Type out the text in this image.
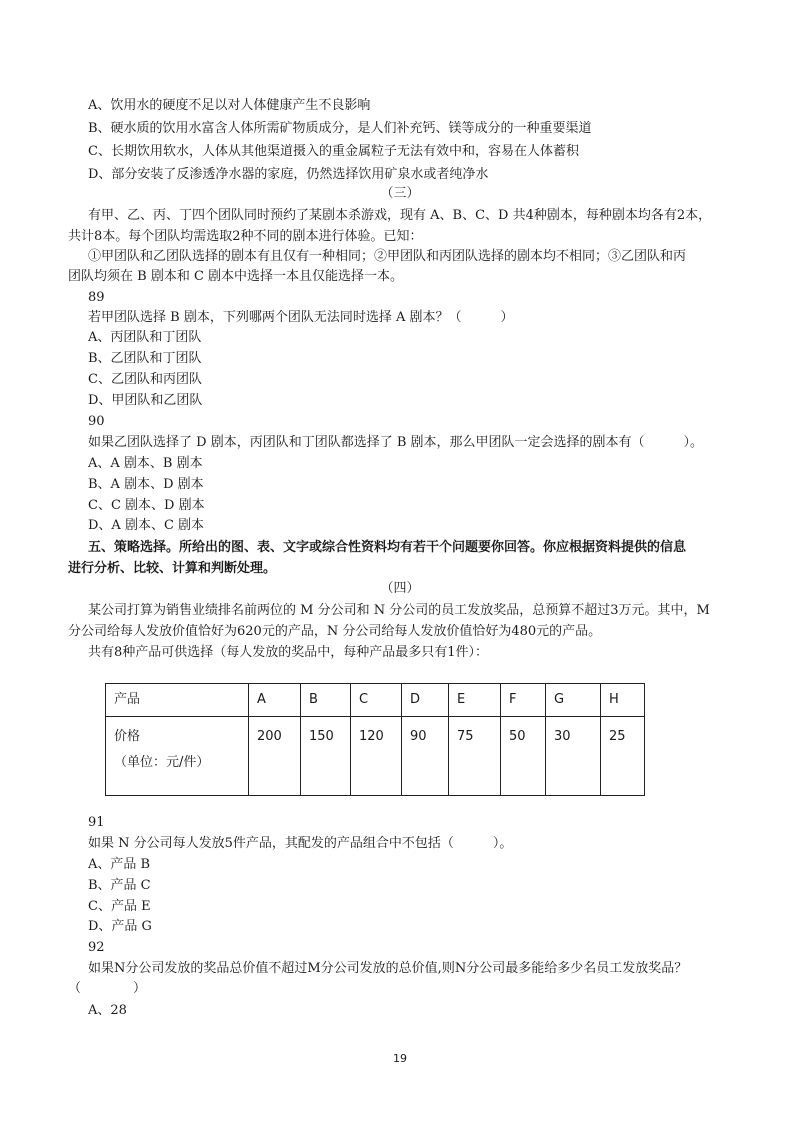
A、饮用水的硬度不足以对人体健康产生不良影响
B、硬水质的饮用水富含人体所需矿物质成分，是人们补充钙、镁等成分的一种重要渠道
C、长期饮用软水，人体从其他渠道摄入的重金属粒子无法有效中和，容易在人体蓄积
D、部分安装了反渗透净水器的家庭，仍然选择饮用矿泉水或者纯净水
（三）
有甲、乙、丙、丁四个团队同时预约了某剧本杀游戏，现有 A、B、C、D 共4种剧本，每种剧本均各有2本，
共计8本。每个团队均需选取2种不同的剧本进行体验。已知：
①甲团队和乙团队选择的剧本有且仅有一种相同；②甲团队和丙团队选择的剧本均不相同；③乙团队和丙
团队均须在 B 剧本和 C 剧本中选择一本且仅能选择一本。
89
若甲团队选择 B 剧本，下列哪两个团队无法同时选择 A 剧本？（　　　）
A、丙团队和丁团队
B、乙团队和丁团队
C、乙团队和丙团队
D、甲团队和乙团队
90
如果乙团队选择了 D 剧本，丙团队和丁团队都选择了 B 剧本，那么甲团队一定会选择的剧本有（　　　）。
A、A 剧本、B 剧本
B、A 剧本、D 剧本
C、C 剧本、D 剧本
D、A 剧本、C 剧本
五、策略选择。所给出的图、表、文字或综合性资料均有若干个问题要你回答。你应根据资料提供的信息
进行分析、比较、计算和判断处理。
（四）
某公司打算为销售业绩排名前两位的 M 分公司和 N 分公司的员工发放奖品，总预算不超过3万元。其中，M
分公司给每人发放价值恰好为620元的产品，N 分公司给每人发放价值恰好为480元的产品。
共有8种产品可供选择（每人发放的奖品中，每种产品最多只有1件）：
产品	A	B	C	D	E	F	G	H

价格
（单位：元/件）	200	150	120	90	75	50	30	25
91
如果 N 分公司每人发放5件产品，其配发的产品组合中不包括（　　　）。
A、产品 B
B、产品 C
C、产品 E
D、产品 G
92
如果N分公司发放的奖品总价值不超过M分公司发放的总价值,则N分公司最多能给多少名员工发放奖品？
（　　　　）
A、28
19
